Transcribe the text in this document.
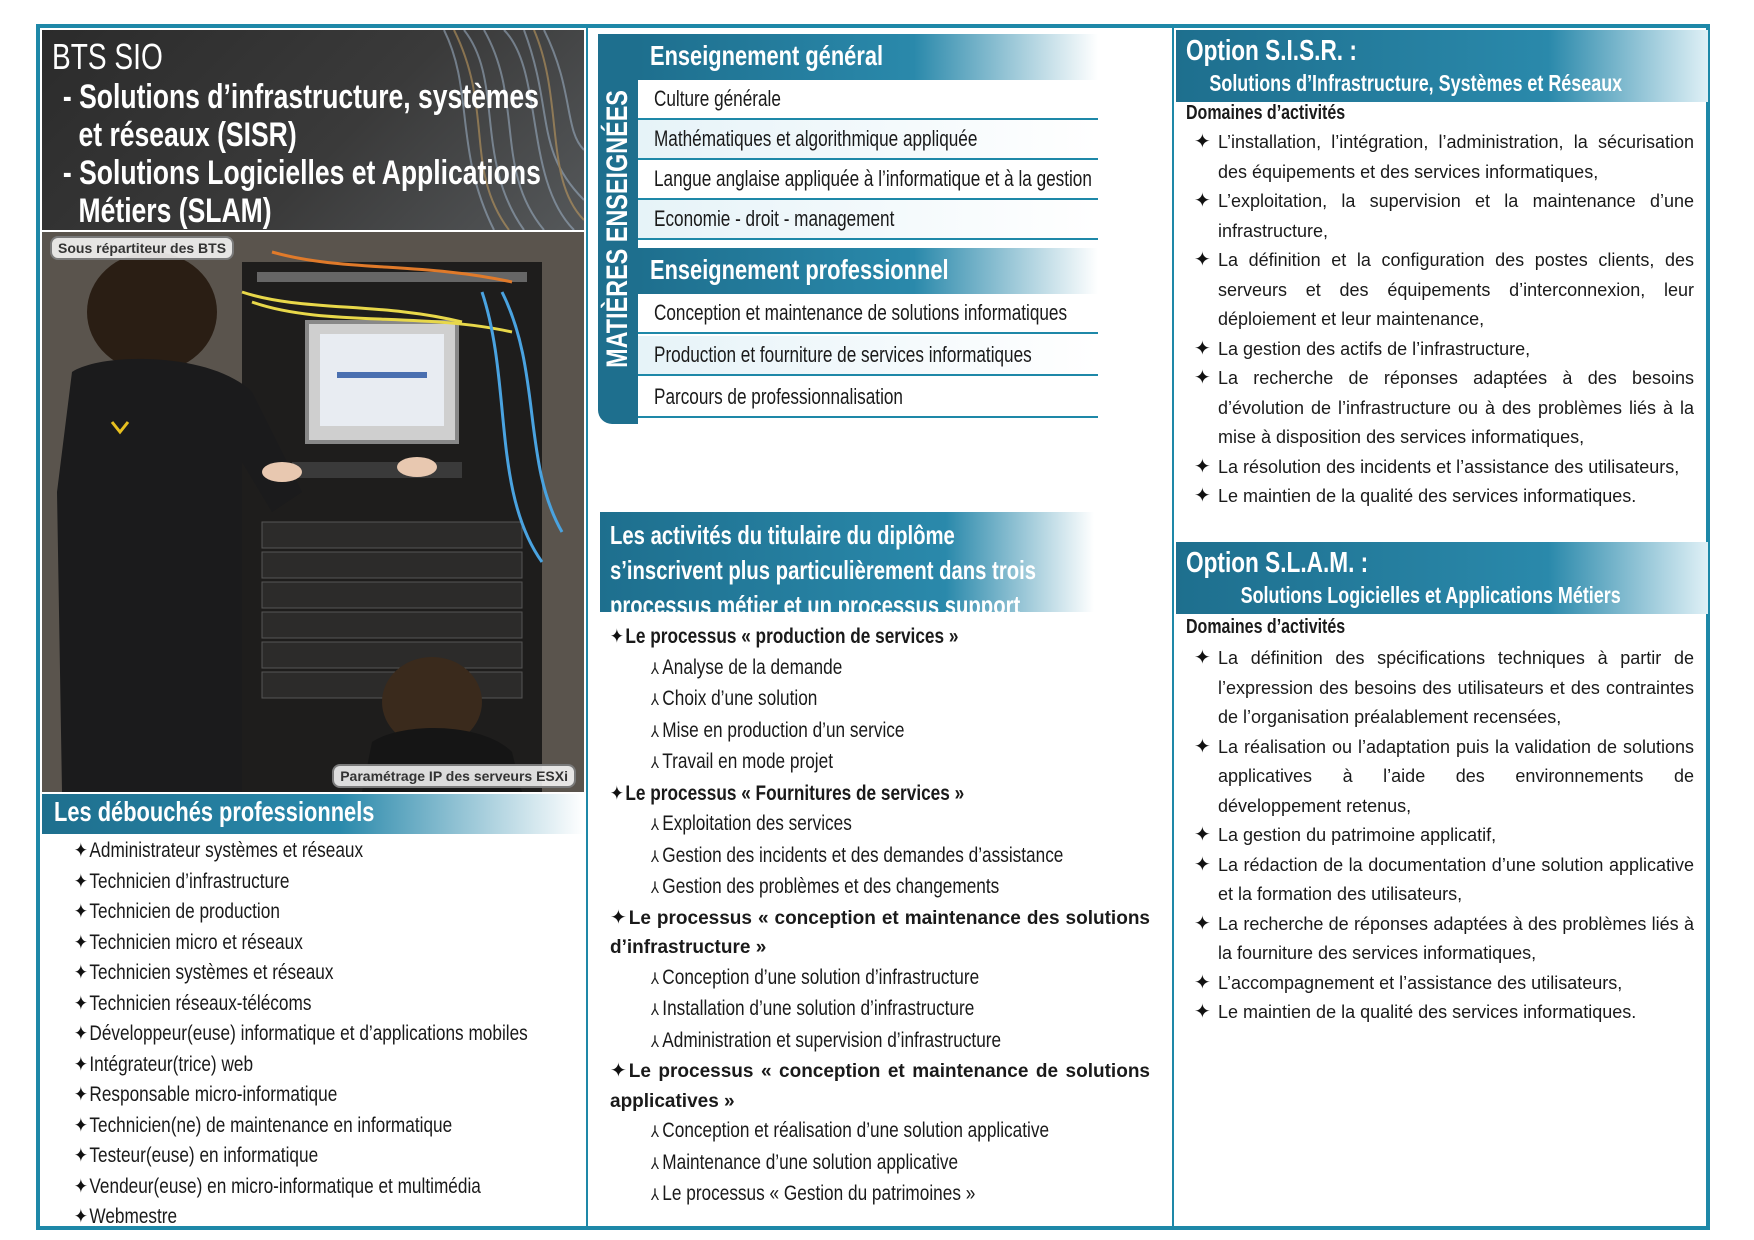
BTS SIO
- Solutions d’infrastructure, systèmes
et réseaux (SISR)
- Solutions Logicielles et Applications
Métiers (SLAM)
Sous répartiteur des BTS
Paramétrage IP des serveurs ESXi
Les débouchés professionnels
✦Administrateur systèmes et réseaux
✦Technicien d’infrastructure
✦Technicien de production
✦Technicien micro et réseaux
✦Technicien systèmes et réseaux
✦Technicien réseaux-télécoms
✦Développeur(euse) informatique et d’applications mobiles
✦Intégrateur(trice) web
✦Responsable micro-informatique
✦Technicien(ne) de maintenance en informatique
✦Testeur(euse) en informatique
✦Vendeur(euse) en micro-informatique et multimédia
✦Webmestre
MATIÈRES ENSEIGNÉES
Enseignement général
Culture générale
Mathématiques et algorithmique appliquée
Langue anglaise appliquée à l’informatique et à la gestion
Economie - droit - management
Enseignement professionnel
Conception et maintenance de solutions informatiques
Production et fourniture de services informatiques
Parcours de professionnalisation
Les activités du titulaire du diplôme
s’inscrivent plus particulièrement dans trois
processus métier et un processus support
✦Le processus « production de services »
⅄ Analyse de la demande
⅄ Choix d’une solution
⅄ Mise en production d’un service
⅄ Travail en mode projet
✦Le processus « Fournitures de services »
⅄ Exploitation des services
⅄ Gestion des incidents et des demandes d’assistance
⅄ Gestion des problèmes et des changements
✦ Le processus « conception et maintenance des solutions d’infrastructure »
⅄ Conception d’une solution d’infrastructure
⅄ Installation d’une solution d’infrastructure
⅄ Administration et supervision d’infrastructure
✦ Le processus « conception et maintenance de solutions applicatives »
⅄ Conception et réalisation d’une solution applicative
⅄ Maintenance d’une solution applicative
⅄ Le processus « Gestion du patrimoines »
Option S.I.S.R. :
Solutions d’Infrastructure, Systèmes et Réseaux
Domaines d’activités
✦ L’installation, l’intégration, l’administration, la sécurisation des équipements et des services informatiques,
✦ L’exploitation, la supervision et la maintenance d’une infrastructure,
✦ La définition et la configuration des postes clients, des serveurs et des équipements d’interconnexion, leur déploiement et leur maintenance,
✦ La gestion des actifs de l’infrastructure,
✦ La recherche de réponses adaptées à des besoins d’évolution de l’infrastructure ou à des problèmes liés à la mise à disposition des services informatiques,
✦ La résolution des incidents et l’assistance des utilisateurs,
✦ Le maintien de la qualité des services informatiques.
Option S.L.A.M. :
Solutions Logicielles et Applications Métiers
Domaines d’activités
✦ La définition des spécifications techniques à partir de l’expression des besoins des utilisateurs et des contraintes de l’organisation préalablement recensées,
✦ La réalisation ou l’adaptation puis la validation de solutions applicatives à l’aide des environnements de développement retenus,
✦ La gestion du patrimoine applicatif,
✦ La rédaction de la documentation d’une solution applicative et la formation des utilisateurs,
✦ La recherche de réponses adaptées à des problèmes liés à la fourniture des services informatiques,
✦ L’accompagnement et l’assistance des utilisateurs,
✦ Le maintien de la qualité des services informatiques.
